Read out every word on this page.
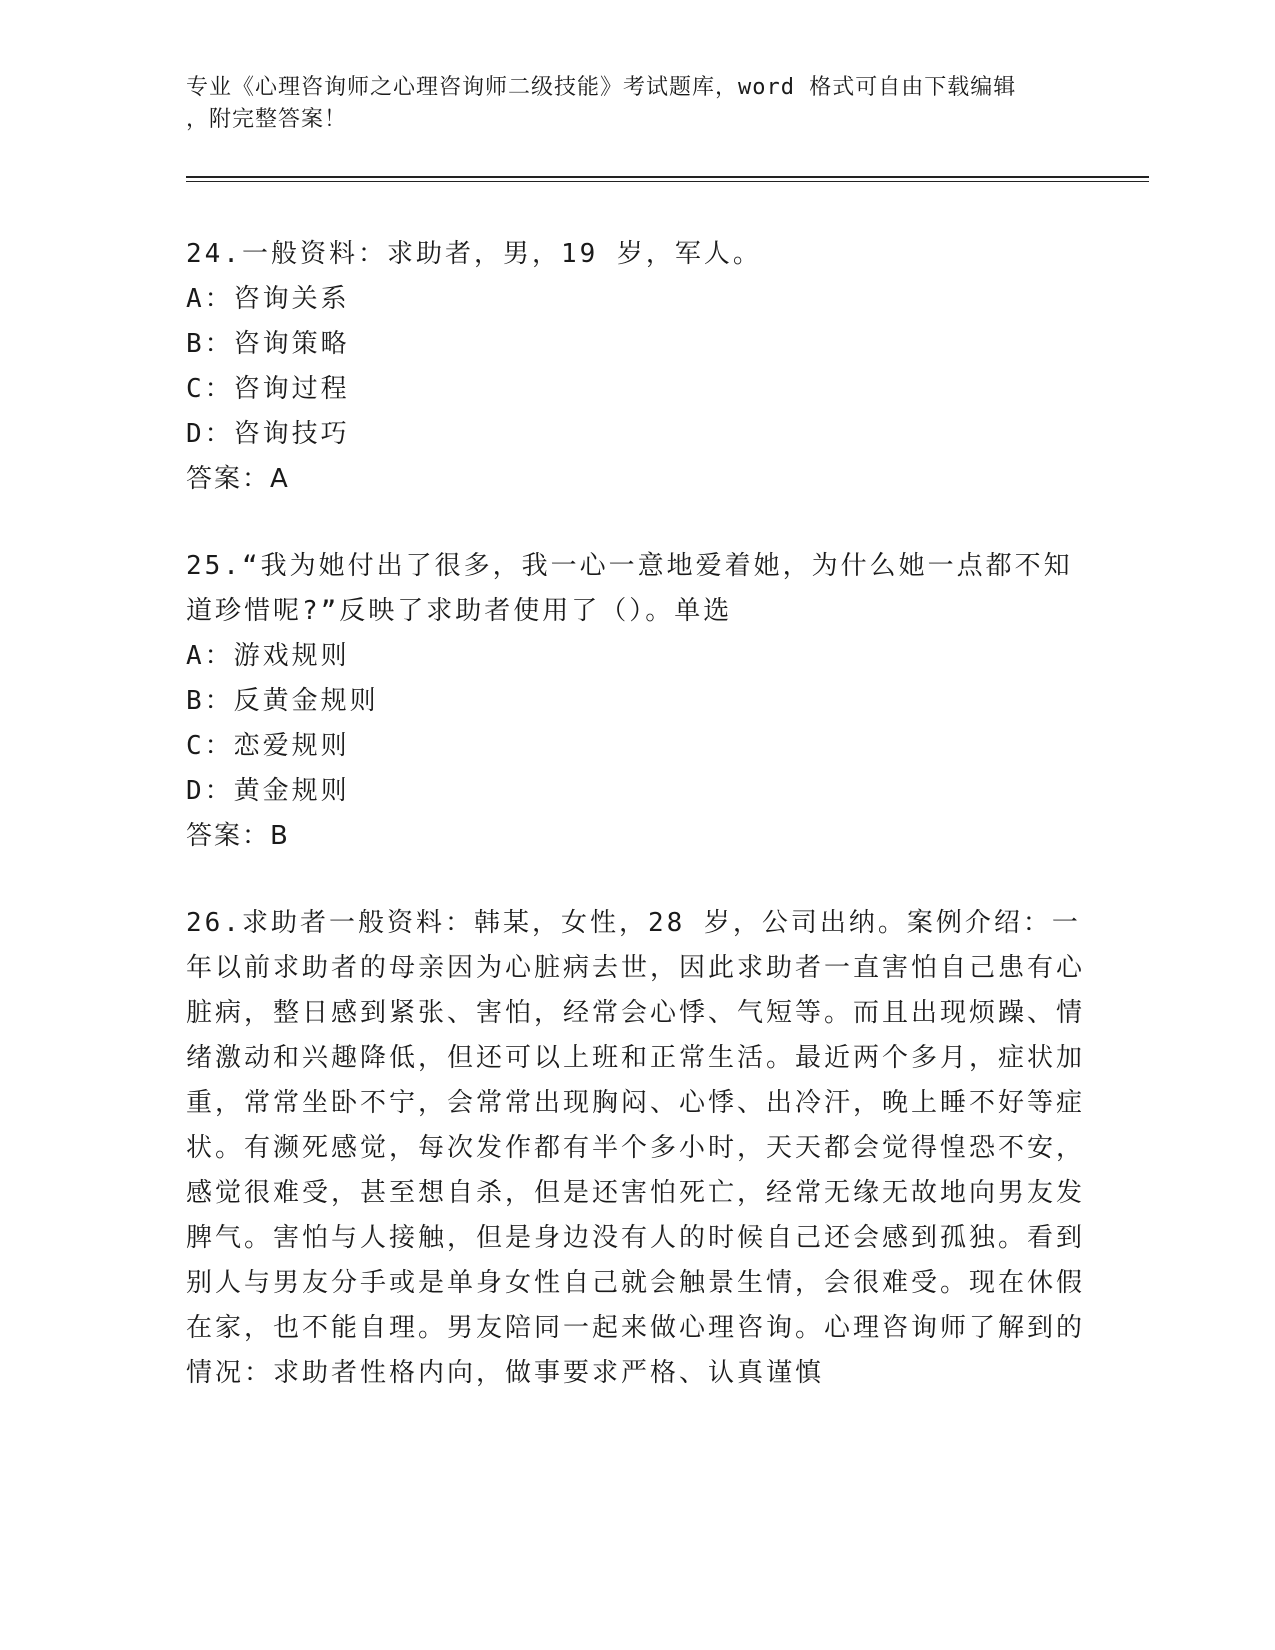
专业《心理咨询师之心理咨询师二级技能》考试题库，word 格式可自由下载编辑

，附完整答案！

24.一般资料：求助者，男，19 岁，军人。

A：咨询关系

B：咨询策略

C：咨询过程

D：咨询技巧

答案：A

25.“我为她付出了很多，我一心一意地爱着她，为什么她一点都不知道珍惜呢?”反映了求助者使用了（）。单选

A：游戏规则

B：反黄金规则

C：恋爱规则

D：黄金规则

答案：B

26.求助者一般资料：韩某，女性，28 岁，公司出纳。案例介绍：一年以前求助者的母亲因为心脏病去世，因此求助者一直害怕自己患有心脏病，整日感到紧张、害怕，经常会心悸、气短等。而且出现烦躁、情绪激动和兴趣降低，但还可以上班和正常生活。最近两个多月，症状加重，常常坐卧不宁，会常常出现胸闷、心悸、出冷汗，晚上睡不好等症状。有濒死感觉，每次发作都有半个多小时，天天都会觉得惶恐不安，感觉很难受，甚至想自杀，但是还害怕死亡，经常无缘无故地向男友发脾气。害怕与人接触，但是身边没有人的时候自己还会感到孤独。看到别人与男友分手或是单身女性自己就会触景生情，会很难受。现在休假在家，也不能自理。男友陪同一起来做心理咨询。心理咨询师了解到的情况：求助者性格内向，做事要求严格、认真谨慎
